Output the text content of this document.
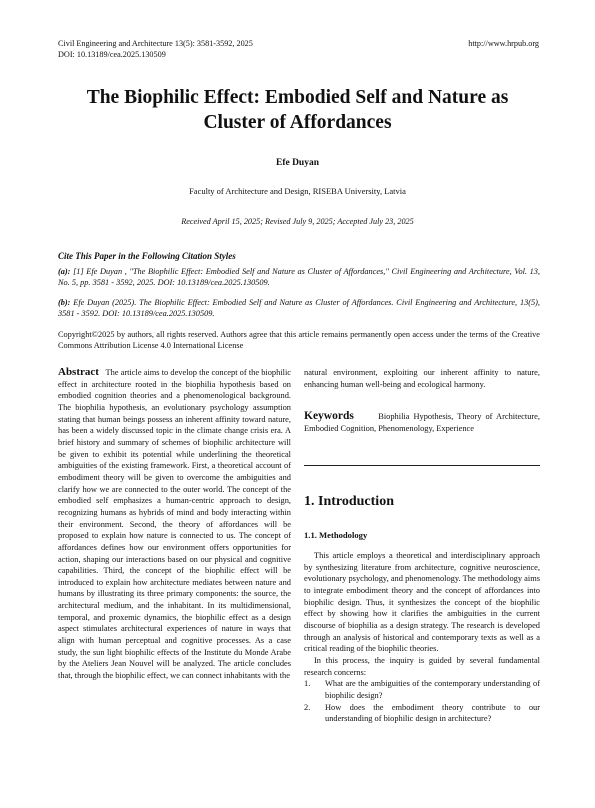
Civil Engineering and Architecture 13(5): 3581-3592, 2025
DOI: 10.13189/cea.2025.130509
http://www.hrpub.org
The Biophilic Effect: Embodied Self and Nature as
Cluster of Affordances
Efe Duyan
Faculty of Architecture and Design, RISEBA University, Latvia
Received April 15, 2025; Revised July 9, 2025; Accepted July 23, 2025
Cite This Paper in the Following Citation Styles
(a): [1] Efe Duyan , "The Biophilic Effect: Embodied Self and Nature as Cluster of Affordances," Civil Engineering and Architecture, Vol. 13, No. 5, pp. 3581 - 3592, 2025. DOI: 10.13189/cea.2025.130509.
(b): Efe Duyan (2025). The Biophilic Effect: Embodied Self and Nature as Cluster of Affordances. Civil Engineering and Architecture, 13(5), 3581 - 3592. DOI: 10.13189/cea.2025.130509.
Copyright©2025 by authors, all rights reserved. Authors agree that this article remains permanently open access under the terms of the Creative Commons Attribution License 4.0 International License
Abstract The article aims to develop the concept of the biophilic effect in architecture rooted in the biophilia hypothesis based on embodied cognition theories and a phenomenological background. The biophilia hypothesis, an evolutionary psychology assumption stating that human beings possess an inherent affinity toward nature, has been a widely discussed topic in the climate change crisis era. A brief history and summary of schemes of biophilic architecture will be given to exhibit its potential while underlining the theoretical ambiguities of the existing framework. First, a theoretical account of embodiment theory will be given to overcome the ambiguities and clarify how we are connected to the outer world. The concept of the embodied self emphasizes a human-centric approach to design, recognizing humans as hybrids of mind and body interacting within their environment. Second, the theory of affordances will be proposed to explain how nature is connected to us. The concept of affordances defines how our environment offers opportunities for action, shaping our interactions based on our physical and cognitive capabilities. Third, the concept of the biophilic effect will be introduced to explain how architecture mediates between nature and humans by illustrating its three primary components: the source, the architectural medium, and the inhabitant. In its multidimensional, temporal, and proxemic dynamics, the biophilic effect as a design aspect stimulates architectural experiences of nature in ways that align with human perceptual and cognitive processes. As a case study, the sun light biophilic effects of the Institute du Monde Arabe by the Ateliers Jean Nouvel will be analyzed. The article concludes that, through the biophilic effect, we can connect inhabitants with the
natural environment, exploiting our inherent affinity to nature, enhancing human well-being and ecological harmony.
Keywords	Biophilia Hypothesis, Theory of Architecture, Embodied Cognition, Phenomenology, Experience
1. Introduction
1.1. Methodology
This article employs a theoretical and interdisciplinary approach by synthesizing literature from architecture, cognitive neuroscience, evolutionary psychology, and phenomenology. The methodology aims to integrate embodiment theory and the concept of affordances into biophilic design. Thus, it synthesizes the concept of the biophilic effect by showing how it clarifies the ambiguities in the current discourse of biophilia as a design strategy. The research is developed through an analysis of historical and contemporary texts as well as a critical reading of the biophilic theories.
In this process, the inquiry is guided by several fundamental research concerns:
1. What are the ambiguities of the contemporary understanding of biophilic design?
2. How does the embodiment theory contribute to our understanding of biophilic design in architecture?
